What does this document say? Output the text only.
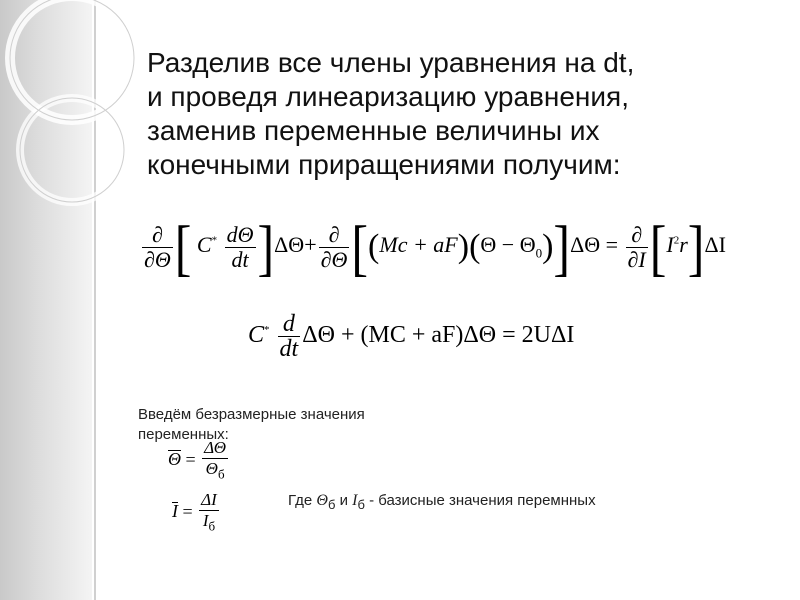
Разделив все члены уравнения на dt,
и проведя линеаризацию уравнения,
заменив переменные величины их
конечными приращениями получим:
$\frac{\partial}{\partial\Theta}$ [ $C^* \frac{d\Theta}{dt} ]\Delta\Theta+ \frac{\partial}{\partial\Theta} [(Mc + aF)(\Theta - \Theta_0)]\Delta\Theta = \frac{\partial}{\partial I} [I^2r]\Delta I$
$C^* \frac{d}{dt}$ ΔΘ + (MC + aF)ΔΘ = 2UΔI
Введём безразмерные значения
переменных:
$\Theta = \frac{\Delta\Theta}{\Theta_б}$
$I = \frac{\Delta I}{I_б}$	Где Θб и Iб - базисные значения перемнных
